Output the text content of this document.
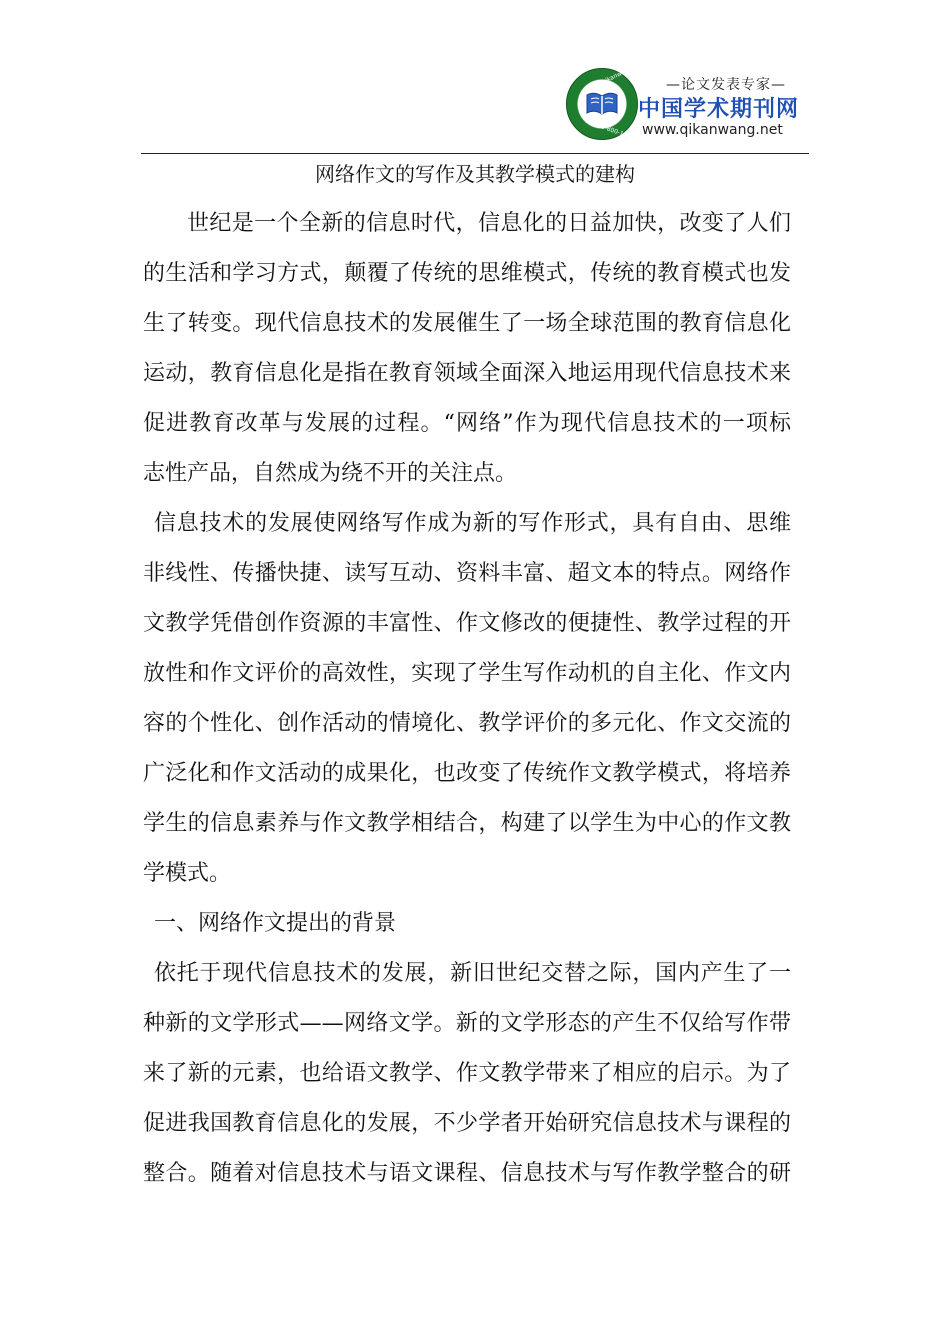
www.qikanwang.net
Tel:400-800-1022
—论文发表专家—
中国学术期刊网
www.qikanwang.net
网络作文的写作及其教学模式的建构
世纪是一个全新的信息时代，信息化的日益加快，改变了人们
的生活和学习方式，颠覆了传统的思维模式，传统的教育模式也发
生了转变。现代信息技术的发展催生了一场全球范围的教育信息化
运动，教育信息化是指在教育领域全面深入地运用现代信息技术来
促进教育改革与发展的过程。“网络”作为现代信息技术的一项标
志性产品，自然成为绕不开的关注点。
信息技术的发展使网络写作成为新的写作形式，具有自由、思维
非线性、传播快捷、读写互动、资料丰富、超文本的特点。网络作
文教学凭借创作资源的丰富性、作文修改的便捷性、教学过程的开
放性和作文评价的高效性，实现了学生写作动机的自主化、作文内
容的个性化、创作活动的情境化、教学评价的多元化、作文交流的
广泛化和作文活动的成果化，也改变了传统作文教学模式，将培养
学生的信息素养与作文教学相结合，构建了以学生为中心的作文教
学模式。
一、网络作文提出的背景
依托于现代信息技术的发展，新旧世纪交替之际，国内产生了一
种新的文学形式——网络文学。新的文学形态的产生不仅给写作带
来了新的元素，也给语文教学、作文教学带来了相应的启示。为了
促进我国教育信息化的发展，不少学者开始研究信息技术与课程的
整合。随着对信息技术与语文课程、信息技术与写作教学整合的研
